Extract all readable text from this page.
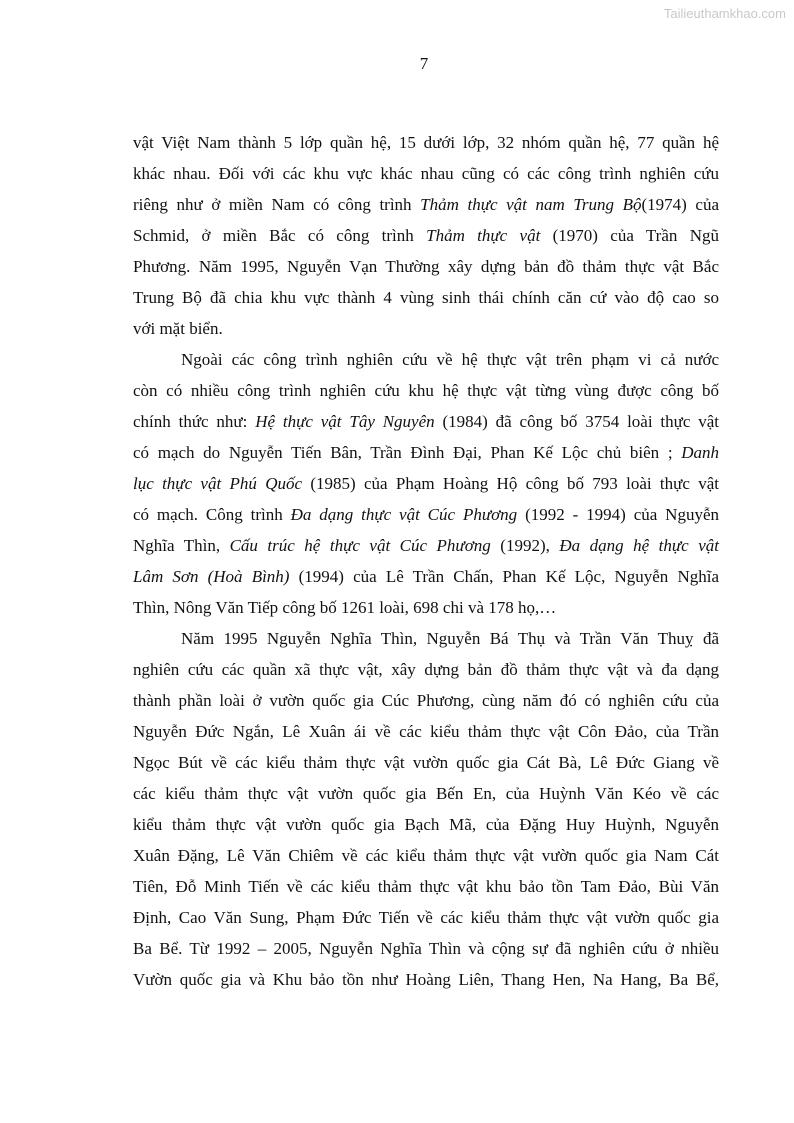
Tailieuthamkhao.com
7
vật Việt Nam thành 5 lớp quần hệ, 15 dưới lớp, 32 nhóm quần hệ, 77 quần hệ
khác nhau. Đối với các khu vực khác nhau cũng có các công trình nghiên cứu
riêng như ở miền Nam có công trình Thảm thực vật nam Trung Bộ(1974) của
Schmid, ở miền Bắc có công trình Thảm thực vật (1970) của Trần Ngũ
Phương. Năm 1995, Nguyễn Vạn Thường xây dựng bản đồ thảm thực vật Bắc
Trung Bộ đã chia khu vực thành 4 vùng sinh thái chính căn cứ vào độ cao so
với mặt biển.
Ngoài các công trình nghiên cứu về hệ thực vật trên phạm vi cả nước
còn có nhiều công trình nghiên cứu khu hệ thực vật từng vùng được công bố
chính thức như: Hệ thực vật Tây Nguyên (1984) đã công bố 3754 loài thực vật
có mạch do Nguyễn Tiến Bân, Trần Đình Đại, Phan Kế Lộc chủ biên ; Danh
lục thực vật Phú Quốc (1985) của Phạm Hoàng Hộ công bố 793 loài thực vật
có mạch. Công trình Đa dạng thực vật Cúc Phương (1992 - 1994) của Nguyễn
Nghĩa Thìn, Cấu trúc hệ thực vật Cúc Phương (1992), Đa dạng hệ thực vật
Lâm Sơn (Hoà Bình) (1994) của Lê Trần Chấn, Phan Kế Lộc, Nguyễn Nghĩa
Thìn, Nông Văn Tiếp công bố 1261 loài, 698 chi và 178 họ,…
Năm 1995 Nguyễn Nghĩa Thìn, Nguyễn Bá Thụ và Trần Văn Thuỵ đã
nghiên cứu các quần xã thực vật, xây dựng bản đồ thảm thực vật và đa dạng
thành phần loài ở vườn quốc gia Cúc Phương, cùng năm đó có nghiên cứu của
Nguyễn Đức Ngắn, Lê Xuân ái về các kiểu thảm thực vật Côn Đảo, của Trần
Ngọc Bút về các kiểu thảm thực vật vườn quốc gia Cát Bà, Lê Đức Giang về
các kiểu thảm thực vật vườn quốc gia Bến En, của Huỳnh Văn Kéo về các
kiểu thảm thực vật vườn quốc gia Bạch Mã, của Đặng Huy Huỳnh, Nguyễn
Xuân Đặng, Lê Văn Chiêm về các kiểu thảm thực vật vườn quốc gia Nam Cát
Tiên, Đỗ Minh Tiến về các kiểu thảm thực vật khu bảo tồn Tam Đảo, Bùi Văn
Định, Cao Văn Sung, Phạm Đức Tiến về các kiểu thảm thực vật vườn quốc gia
Ba Bể. Từ 1992 – 2005, Nguyễn Nghĩa Thìn và cộng sự đã nghiên cứu ở nhiều
Vườn quốc gia và Khu bảo tồn như Hoàng Liên, Thang Hen, Na Hang, Ba Bể,
